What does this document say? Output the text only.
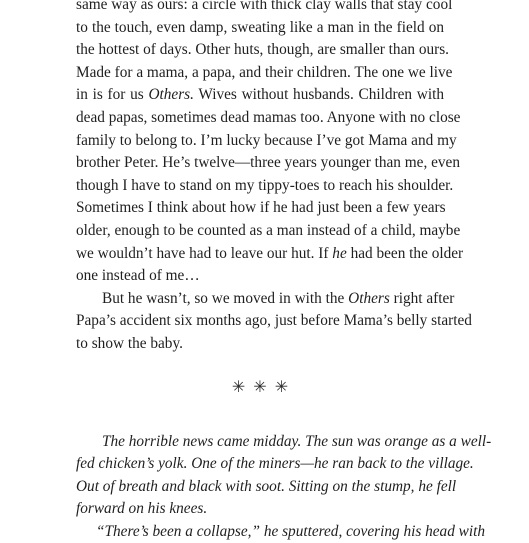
same way as ours: a circle with thick clay walls that stay cool
to the touch, even damp, sweating like a man in the field on
the hottest of days. Other huts, though, are smaller than ours.
Made for a mama, a papa, and their children. The one we live
in is for us Others. Wives without husbands. Children with
dead papas, sometimes dead mamas too. Anyone with no close
family to belong to. I’m lucky because I’ve got Mama and my
brother Peter. He’s twelve—three years younger than me, even
though I have to stand on my tippy-toes to reach his shoulder.
Sometimes I think about how if he had just been a few years
older, enough to be counted as a man instead of a child, maybe
we wouldn’t have had to leave our hut. If he had been the older
one instead of me…
But he wasn’t, so we moved in with the Others right after
Papa’s accident six months ago, just before Mama’s belly started
to show the baby.
✳ ✳ ✳
The horrible news came midday. The sun was orange as a well-
fed chicken’s yolk. One of the miners—he ran back to the village.
Out of breath and black with soot. Sitting on the stump, he fell
forward on his knees.
“There’s been a collapse,” he sputtered, covering his head with
